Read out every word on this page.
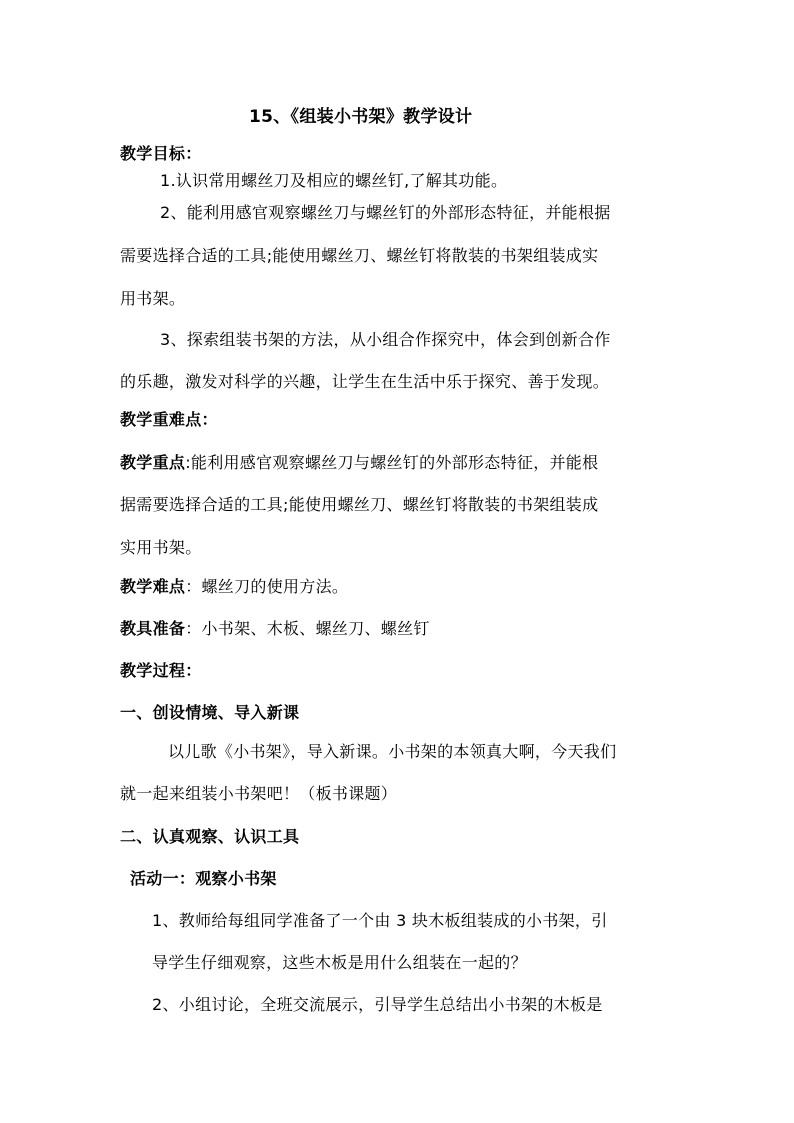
15、《组装小书架》教学设计
教学目标：
1.认识常用螺丝刀及相应的螺丝钉,了解其功能。
2、能利用感官观察螺丝刀与螺丝钉的外部形态特征，并能根据
需要选择合适的工具;能使用螺丝刀、螺丝钉将散装的书架组装成实
用书架。
3、探索组装书架的方法，从小组合作探究中，体会到创新合作
的乐趣，激发对科学的兴趣，让学生在生活中乐于探究、善于发现。
教学重难点：
教学重点:能利用感官观察螺丝刀与螺丝钉的外部形态特征，并能根
据需要选择合适的工具;能使用螺丝刀、螺丝钉将散装的书架组装成
实用书架。
教学难点：螺丝刀的使用方法。
教具准备：小书架、木板、螺丝刀、螺丝钉
教学过程：
一、创设情境、导入新课
以儿歌《小书架》，导入新课。小书架的本领真大啊，今天我们
就一起来组装小书架吧！（板书课题）
二、认真观察、认识工具
活动一：观察小书架
1、教师给每组同学准备了一个由 3 块木板组装成的小书架，引
导学生仔细观察，这些木板是用什么组装在一起的？
2、小组讨论，全班交流展示，引导学生总结出小书架的木板是
